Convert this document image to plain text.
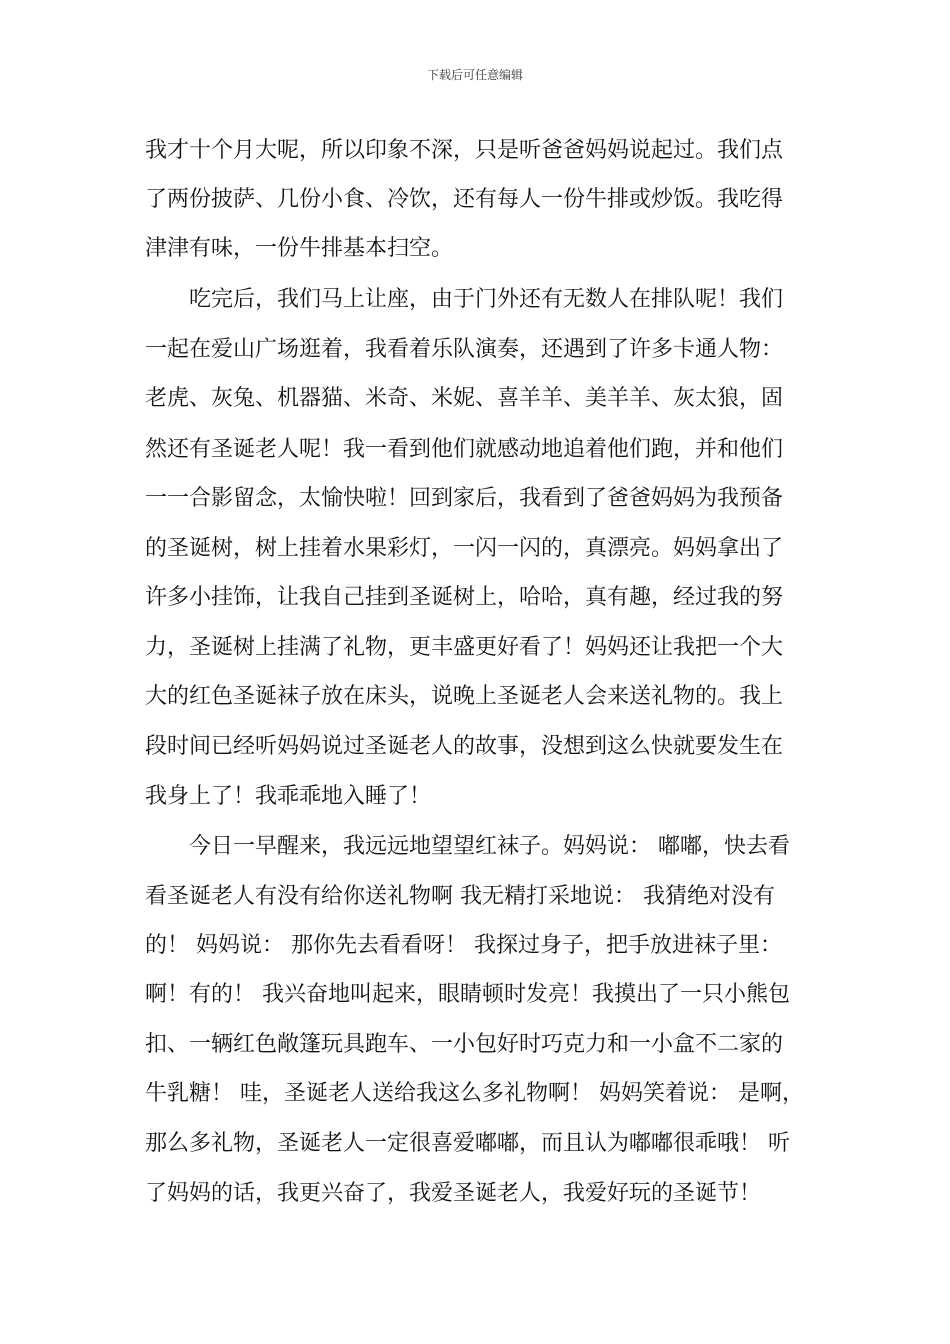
下载后可任意编辑
我才十个月大呢，所以印象不深，只是听爸爸妈妈说起过。我们点
了两份披萨、几份小食、冷饮，还有每人一份牛排或炒饭。我吃得
津津有味，一份牛排基本扫空。
吃完后，我们马上让座，由于门外还有无数人在排队呢！我们
一起在爱山广场逛着，我看着乐队演奏，还遇到了许多卡通人物：
老虎、灰兔、机器猫、米奇、米妮、喜羊羊、美羊羊、灰太狼，固
然还有圣诞老人呢！我一看到他们就感动地追着他们跑，并和他们
一一合影留念，太愉快啦！回到家后，我看到了爸爸妈妈为我预备
的圣诞树，树上挂着水果彩灯，一闪一闪的，真漂亮。妈妈拿出了
许多小挂饰，让我自己挂到圣诞树上，哈哈，真有趣，经过我的努
力，圣诞树上挂满了礼物，更丰盛更好看了！妈妈还让我把一个大
大的红色圣诞袜子放在床头，说晚上圣诞老人会来送礼物的。我上
段时间已经听妈妈说过圣诞老人的故事，没想到这么快就要发生在
我身上了！我乖乖地入睡了！
今日一早醒来，我远远地望望红袜子。妈妈说： 嘟嘟，快去看
看圣诞老人有没有给你送礼物啊 我无精打采地说： 我猜绝对没有
的！ 妈妈说： 那你先去看看呀！ 我探过身子，把手放进袜子里：
啊！有的！ 我兴奋地叫起来，眼睛顿时发亮！我摸出了一只小熊包
扣、一辆红色敞篷玩具跑车、一小包好时巧克力和一小盒不二家的
牛乳糖！ 哇，圣诞老人送给我这么多礼物啊！ 妈妈笑着说： 是啊，
那么多礼物，圣诞老人一定很喜爱嘟嘟，而且认为嘟嘟很乖哦！ 听
了妈妈的话，我更兴奋了，我爱圣诞老人，我爱好玩的圣诞节！
